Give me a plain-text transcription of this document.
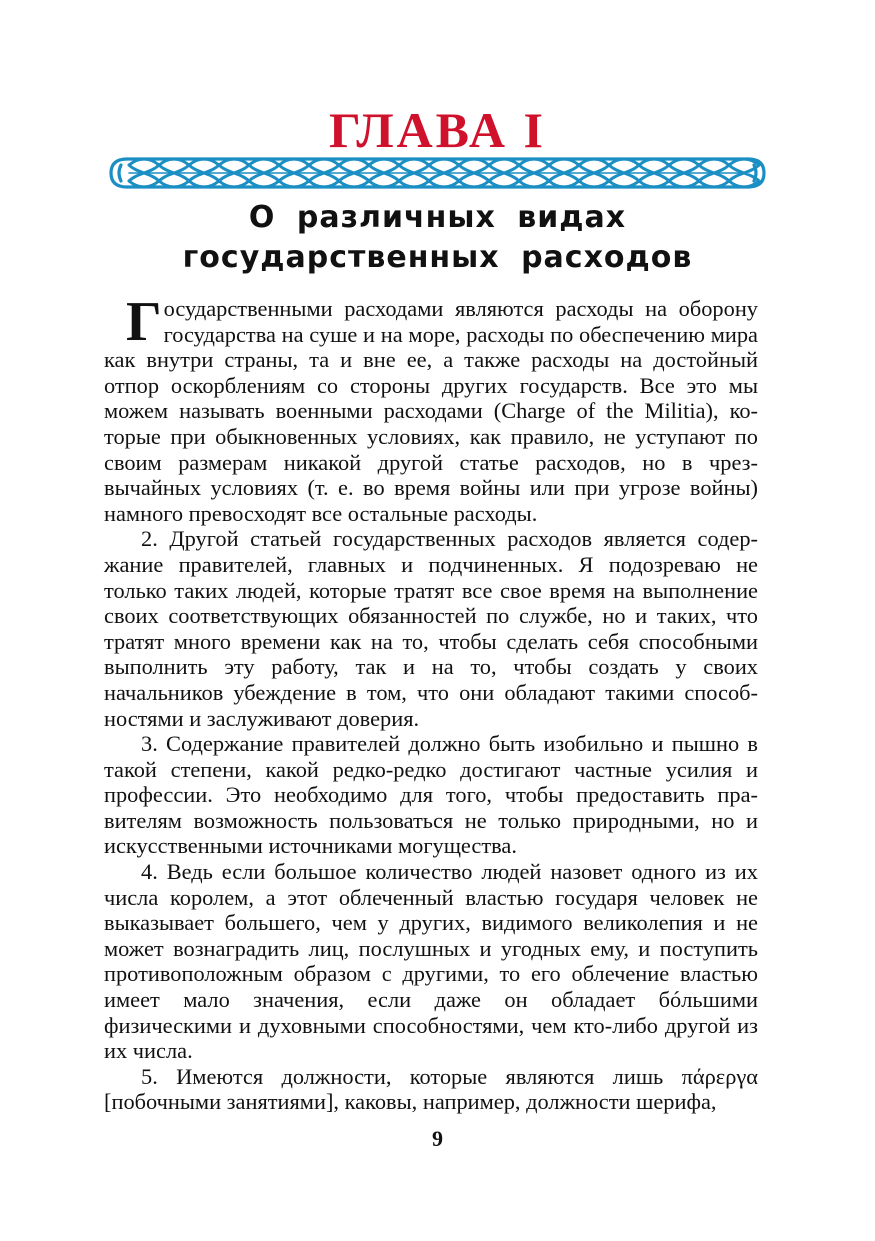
ГЛАВА I
О различных видах
государственных расходов

Государственными расходами являются расходы на оборону государства на суше и на море, расходы по обеспечению мира как внутри страны, та и вне ее, а также расходы на достойный отпор оскорблениям со стороны других государств. Все это мы можем называть военными расходами (Charge of the Militia), которые при обыкновенных условиях, как правило, не уступают по своим размерам никакой другой статье расходов, но в чрезвычайных условиях (т. е. во время войны или при угрозе войны) намного превосходят все остальные расходы.

2. Другой статьей государственных расходов является содержание правителей, главных и подчиненных. Я подозреваю не только таких людей, которые тратят все свое время на выполнение своих соответствующих обязанностей по службе, но и таких, что тратят много времени как на то, чтобы сделать себя способными выполнить эту работу, так и на то, чтобы создать у своих начальников убеждение в том, что они обладают такими способностями и заслуживают доверия.

3. Содержание правителей должно быть изобильно и пышно в такой степени, какой редко-редко достигают частные усилия и профессии. Это необходимо для того, чтобы предоставить правителям возможность пользоваться не только природными, но и искусственными источниками могущества.

4. Ведь если большое количество людей назовет одного из их числа королем, а этот облеченный властью государя человек не выказывает большего, чем у других, видимого великолепия и не может вознаградить лиц, послушных и угодных ему, и поступить противоположным образом с другими, то его облечение властью имеет мало значения, если даже он обладает бóльшими физическими и духовными способностями, чем кто-либо другой из их числа.

5. Имеются должности, которые являются лишь πάρεργα [побочными занятиями], каковы, например, должности шерифа,

9
